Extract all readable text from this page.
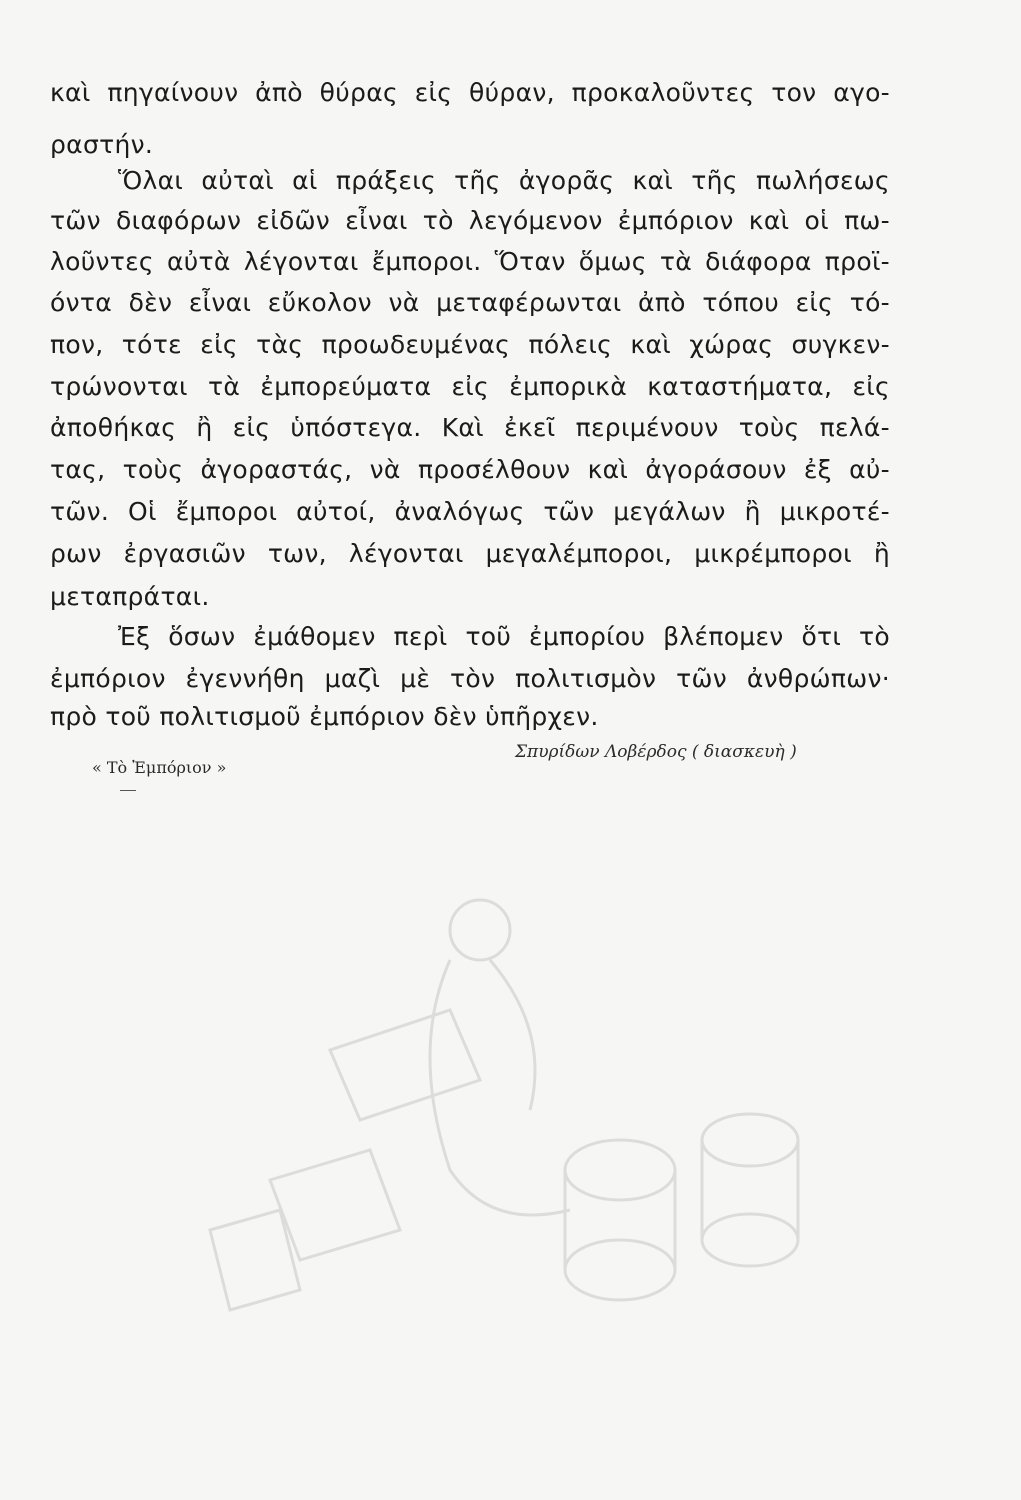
καὶ πηγαίνουν ἀπὸ θύρας εἰς θύραν, προκαλοῦντες τον αγο-
ραστήν.
Ὅλαι αὐταὶ αἱ πράξεις τῆς ἀγορᾶς καὶ τῆς πωλήσεως
τῶν διαφόρων εἰδῶν εἶναι τὸ λεγόμενον ἐμπόριον καὶ οἱ πω-
λοῦντες αὐτὰ λέγονται ἔμποροι. Ὅταν ὅμως τὰ διάφορα προϊ-
όντα δὲν εἶναι εὔκολον νὰ μεταφέρωνται ἀπὸ τόπου εἰς τό-
πον, τότε εἰς τὰς προωδευμένας πόλεις καὶ χώρας συγκεν-
τρώνονται τὰ ἐμπορεύματα εἰς ἐμπορικὰ καταστήματα, εἰς
ἀποθήκας ἢ εἰς ὑπόστεγα. Καὶ ἐκεῖ περιμένουν τοὺς πελά-
τας, τοὺς ἀγοραστάς, νὰ προσέλθουν καὶ ἀγοράσουν ἐξ αὐ-
τῶν. Οἱ ἔμποροι αὐτοί, ἀναλόγως τῶν μεγάλων ἢ μικροτέ-
ρων ἐργασιῶν των, λέγονται μεγαλέμποροι, μικρέμποροι ἢ
μεταπράται.
Ἐξ ὅσων ἐμάθομεν περὶ τοῦ ἐμπορίου βλέπομεν ὅτι τὸ
ἐμπόριον ἐγεννήθη μαζὶ μὲ τὸν πολιτισμὸν τῶν ἀνθρώπων·
πρὸ τοῦ πολιτισμοῦ ἐμπόριον δὲν ὑπῆρχεν.
Σπυρίδων Λοβέρδος ( διασκευὴ )
« Τὸ Ἐμπόριον »
